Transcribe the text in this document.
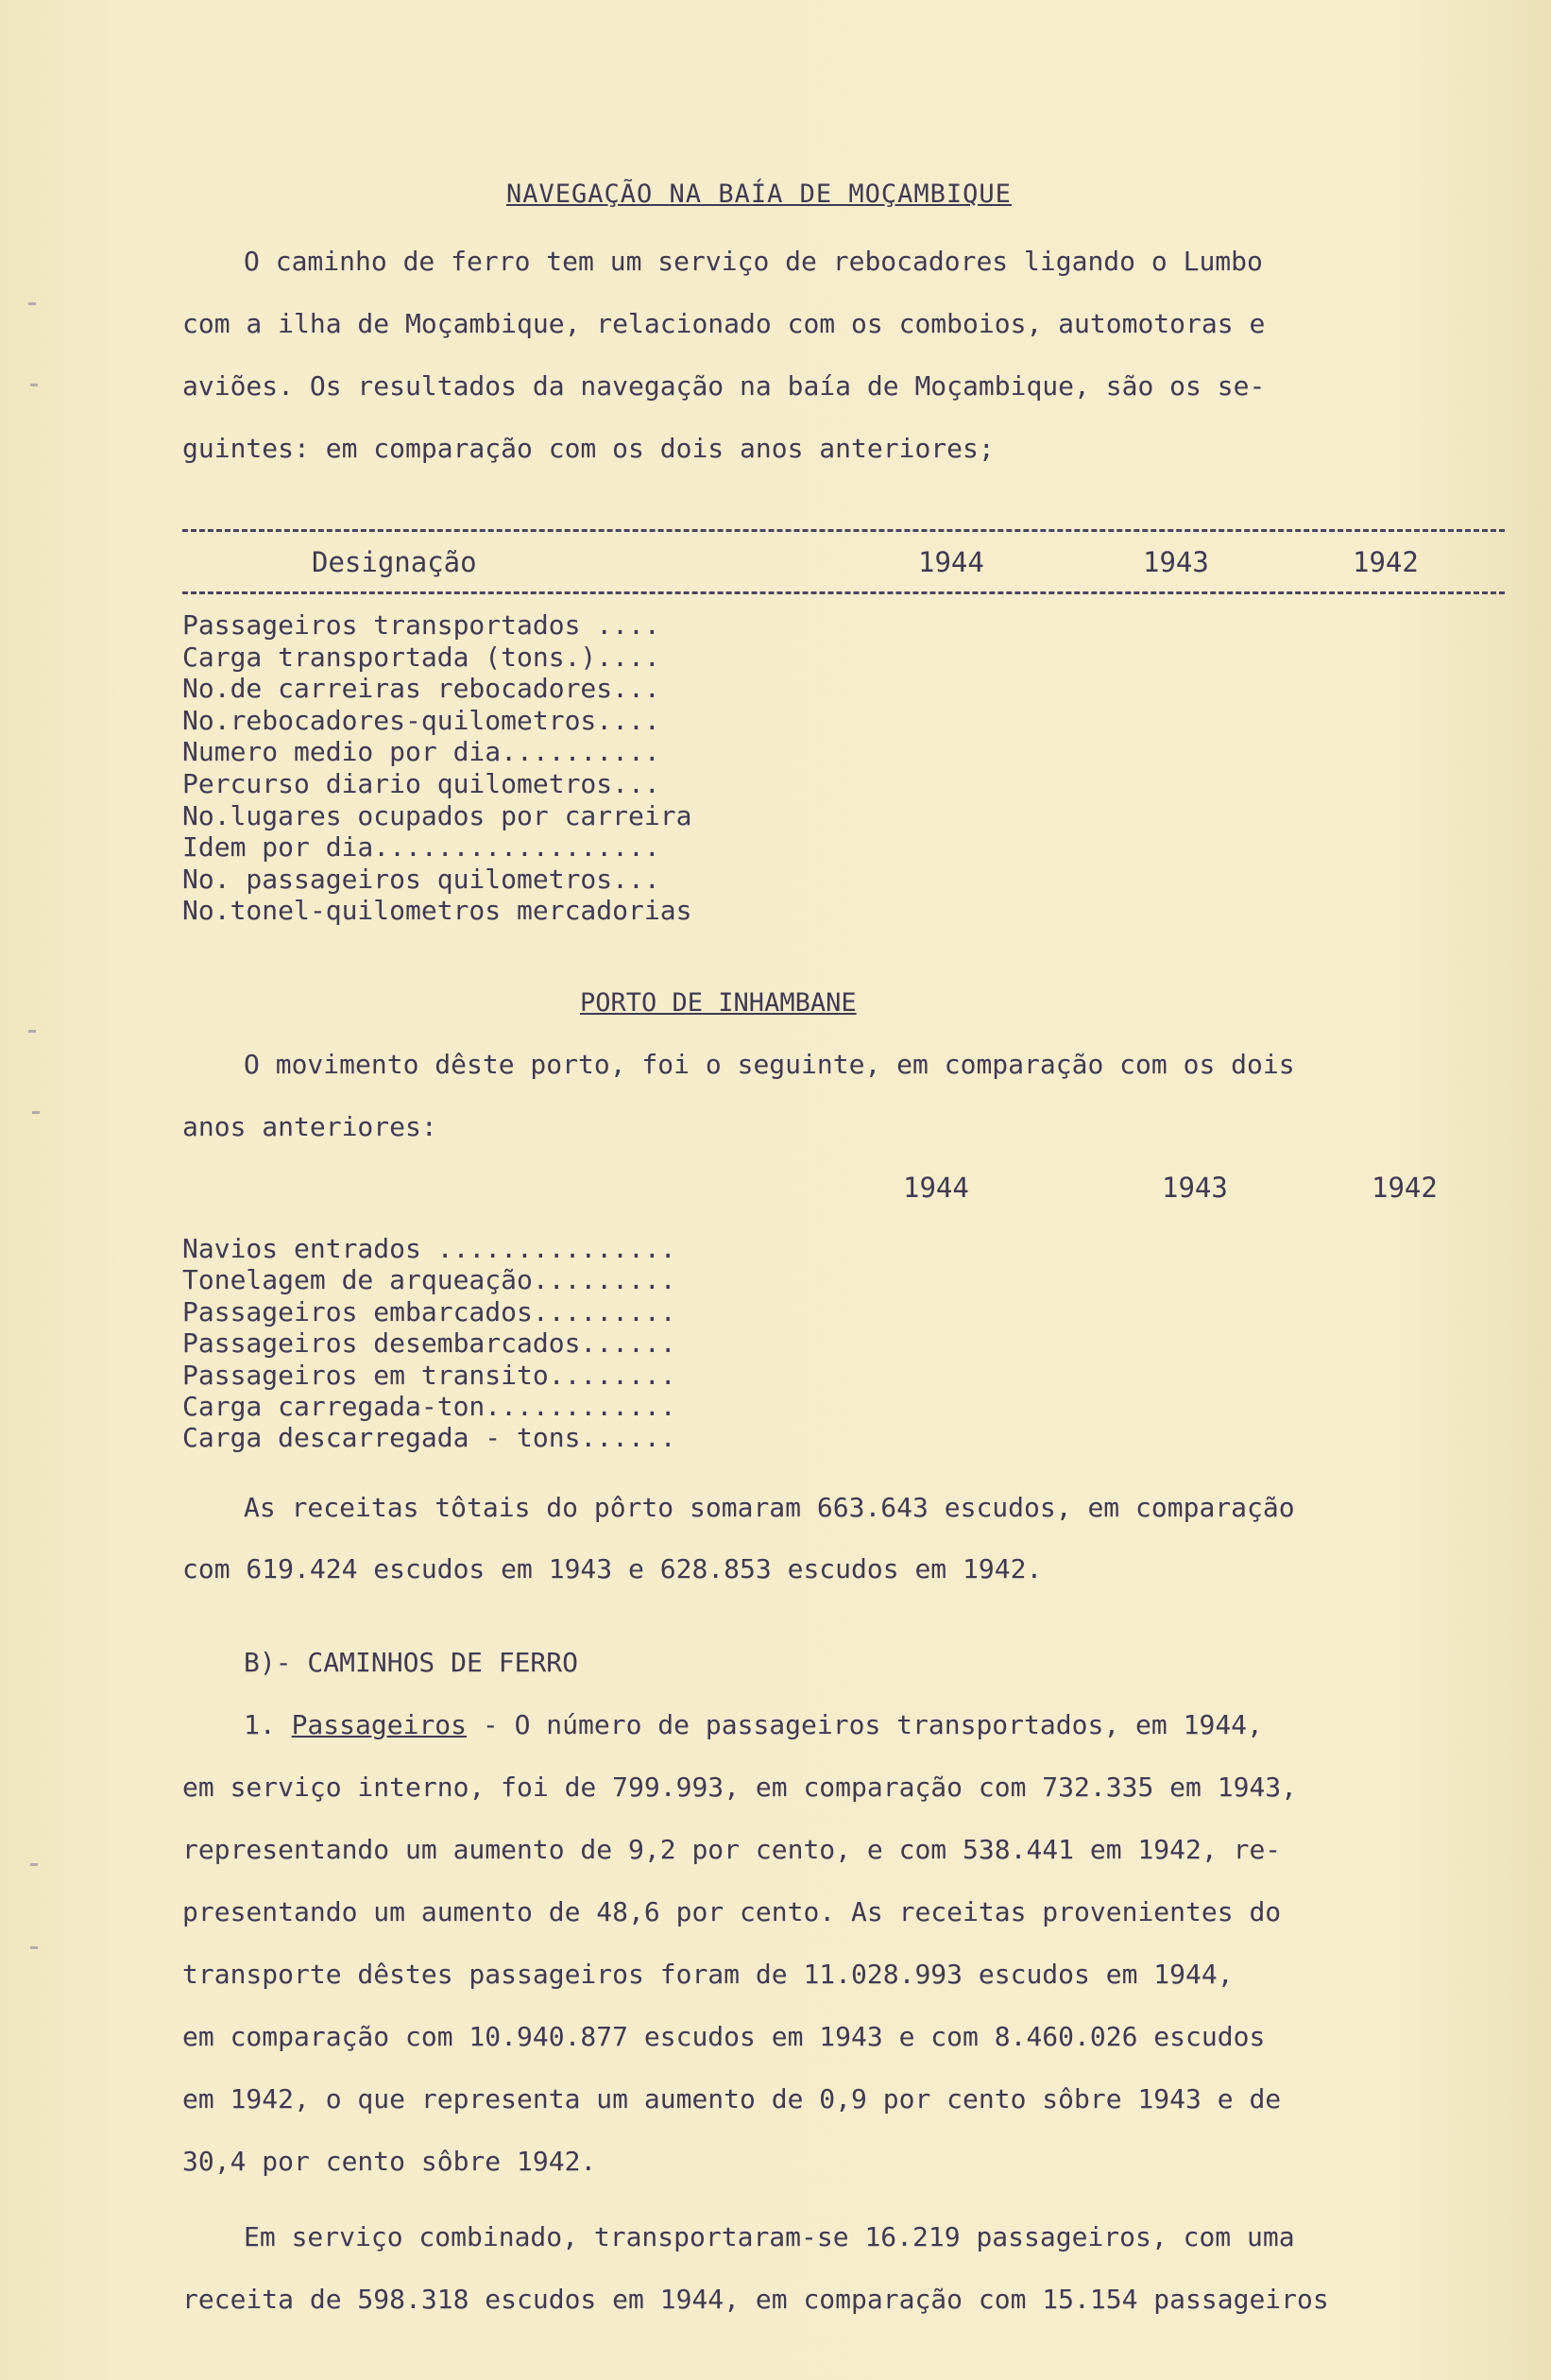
NAVEGAÇÃO NA BAÍA DE MOÇAMBIQUE
O caminho de ferro tem um serviço de rebocadores ligando o Lumbo
com a ilha de Moçambique, relacionado com os comboios, automotoras e
aviões. Os resultados da navegação na baía de Moçambique, são os se-
guintes: em comparação com os dois anos anteriores;
Designação	1944	1943	1942
Passageiros transportados ....
Carga transportada (tons.)....
No.de carreiras rebocadores...
No.rebocadores-quilometros....
Numero medio por dia..........
Percurso diario quilometros...
No.lugares ocupados por carreira
Idem por dia..................
No. passageiros quilometros...
No.tonel-quilometros mercadorias
PORTO DE INHAMBANE
O movimento dêste porto, foi o seguinte, em comparação com os dois
anos anteriores:
1944	1943	1942
Navios entrados ...............
Tonelagem de arqueação.........
Passageiros embarcados.........
Passageiros desembarcados......
Passageiros em transito........
Carga carregada-ton............
Carga descarregada - tons......
As receitas tôtais do pôrto somaram 663.643 escudos, em comparação
com 619.424 escudos em 1943 e 628.853 escudos em 1942.
B)- CAMINHOS DE FERRO
1. Passageiros - O número de passageiros transportados, em 1944,
em serviço interno, foi de 799.993, em comparação com 732.335 em 1943,
representando um aumento de 9,2 por cento, e com 538.441 em 1942, re-
presentando um aumento de 48,6 por cento. As receitas provenientes do
transporte dêstes passageiros foram de 11.028.993 escudos em 1944,
em comparação com 10.940.877 escudos em 1943 e com 8.460.026 escudos
em 1942, o que representa um aumento de 0,9 por cento sôbre 1943 e de
30,4 por cento sôbre 1942.
Em serviço combinado, transportaram-se 16.219 passageiros, com uma
receita de 598.318 escudos em 1944, em comparação com 15.154 passageiros
